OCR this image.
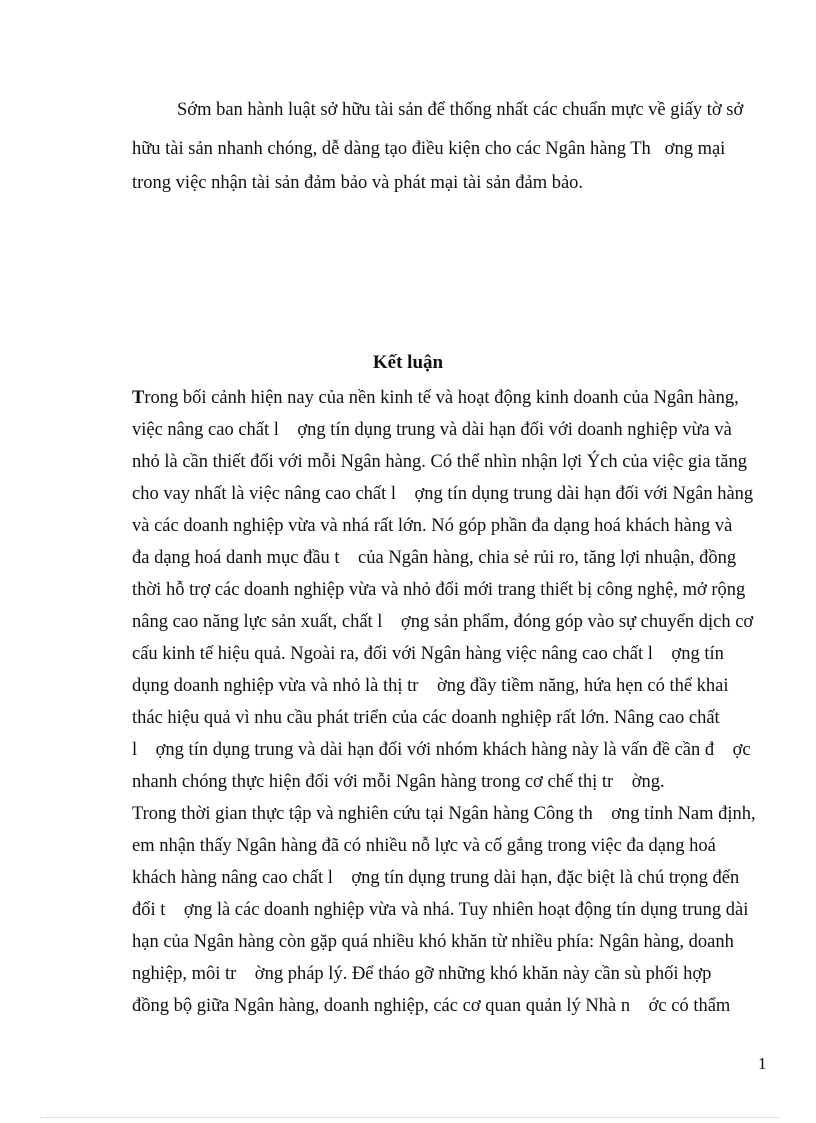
Sớm ban hành luật sở hữu tài sản để thống nhất các chuẩn mực về giấy tờ sở
hữu tài sản nhanh chóng, dễ dàng tạo điều kiện cho các Ngân hàng Th   ơng mại
trong việc nhận tài sản đảm bảo và phát mại tài sản đảm bảo.
Kết luận
Trong bối cảnh hiện nay của nền kinh tế và hoạt động kinh doanh của Ngân hàng,
việc nâng cao chất l    ợng tín dụng trung và dài hạn đối với doanh nghiệp vừa và
nhỏ là cần thiết đối với mỗi Ngân hàng. Có thể nhìn nhận lợi Ých của việc gia tăng
cho vay nhất là việc nâng cao chất l    ợng tín dụng trung dài hạn đối với Ngân hàng
và các doanh nghiệp vừa và nhá rất lớn. Nó góp phần đa dạng hoá khách hàng và
đa dạng hoá danh mục đầu t    của Ngân hàng, chia sẻ rủi ro, tăng lợi nhuận, đồng
thời hỗ trợ các doanh nghiệp vừa và nhỏ đổi mới trang thiết bị công nghệ, mở rộng
nâng cao năng lực sản xuất, chất l    ợng sản phẩm, đóng góp vào sự chuyển dịch cơ
cấu kinh tế hiệu quả. Ngoài ra, đối với Ngân hàng việc nâng cao chất l    ợng tín
dụng doanh nghiệp vừa và nhỏ là thị tr    ờng đầy tiềm năng, hứa hẹn có thể khai
thác hiệu quả vì nhu cầu phát triển của các doanh nghiệp rất lớn. Nâng cao chất
l    ợng tín dụng trung và dài hạn đối với nhóm khách hàng này là vấn đề cần đ    ợc
nhanh chóng thực hiện đối với mỗi Ngân hàng trong cơ chế thị tr    ờng.
Trong thời gian thực tập và nghiên cứu tại Ngân hàng Công th    ơng tỉnh Nam định,
em nhận thấy Ngân hàng đã có nhiều nỗ lực và cố gắng trong việc đa dạng hoá
khách hàng nâng cao chất l    ợng tín dụng trung dài hạn, đặc biệt là chú trọng đến
đối t    ợng là các doanh nghiệp vừa và nhá. Tuy nhiên hoạt động tín dụng trung dài
hạn của Ngân hàng còn gặp quá nhiều khó khăn từ nhiều phía: Ngân hàng, doanh
nghiệp, môi tr    ờng pháp lý. Để tháo gỡ những khó khăn này cần sù phối hợp
đồng bộ giữa Ngân hàng, doanh nghiệp, các cơ quan quản lý Nhà n    ớc có thẩm
1
